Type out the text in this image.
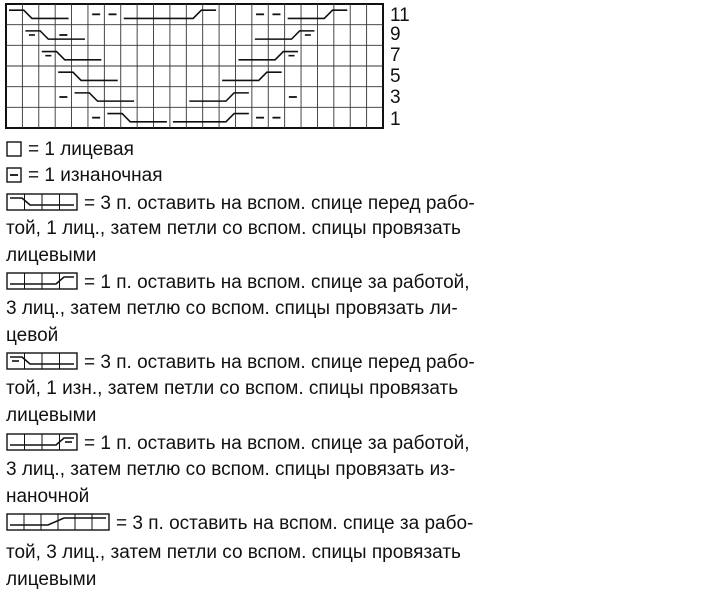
11
9
7
5
3
1
= 1 лицевая
= 1 изнаночная
= 3 п. оставить на вспом. спице перед рабо-
той, 1 лиц., затем петли со вспом. спицы провязать
лицевыми
= 1 п. оставить на вспом. спице за работой,
3 лиц., затем петлю со вспом. спицы провязать ли-
цевой
= 3 п. оставить на вспом. спице перед рабо-
той, 1 изн., затем петли со вспом. спицы провязать
лицевыми
= 1 п. оставить на вспом. спице за работой,
3 лиц., затем петлю со вспом. спицы провязать из-
наночной
= 3 п. оставить на вспом. спице за рабо-
той, 3 лиц., затем петли со вспом. спицы провязать
лицевыми
